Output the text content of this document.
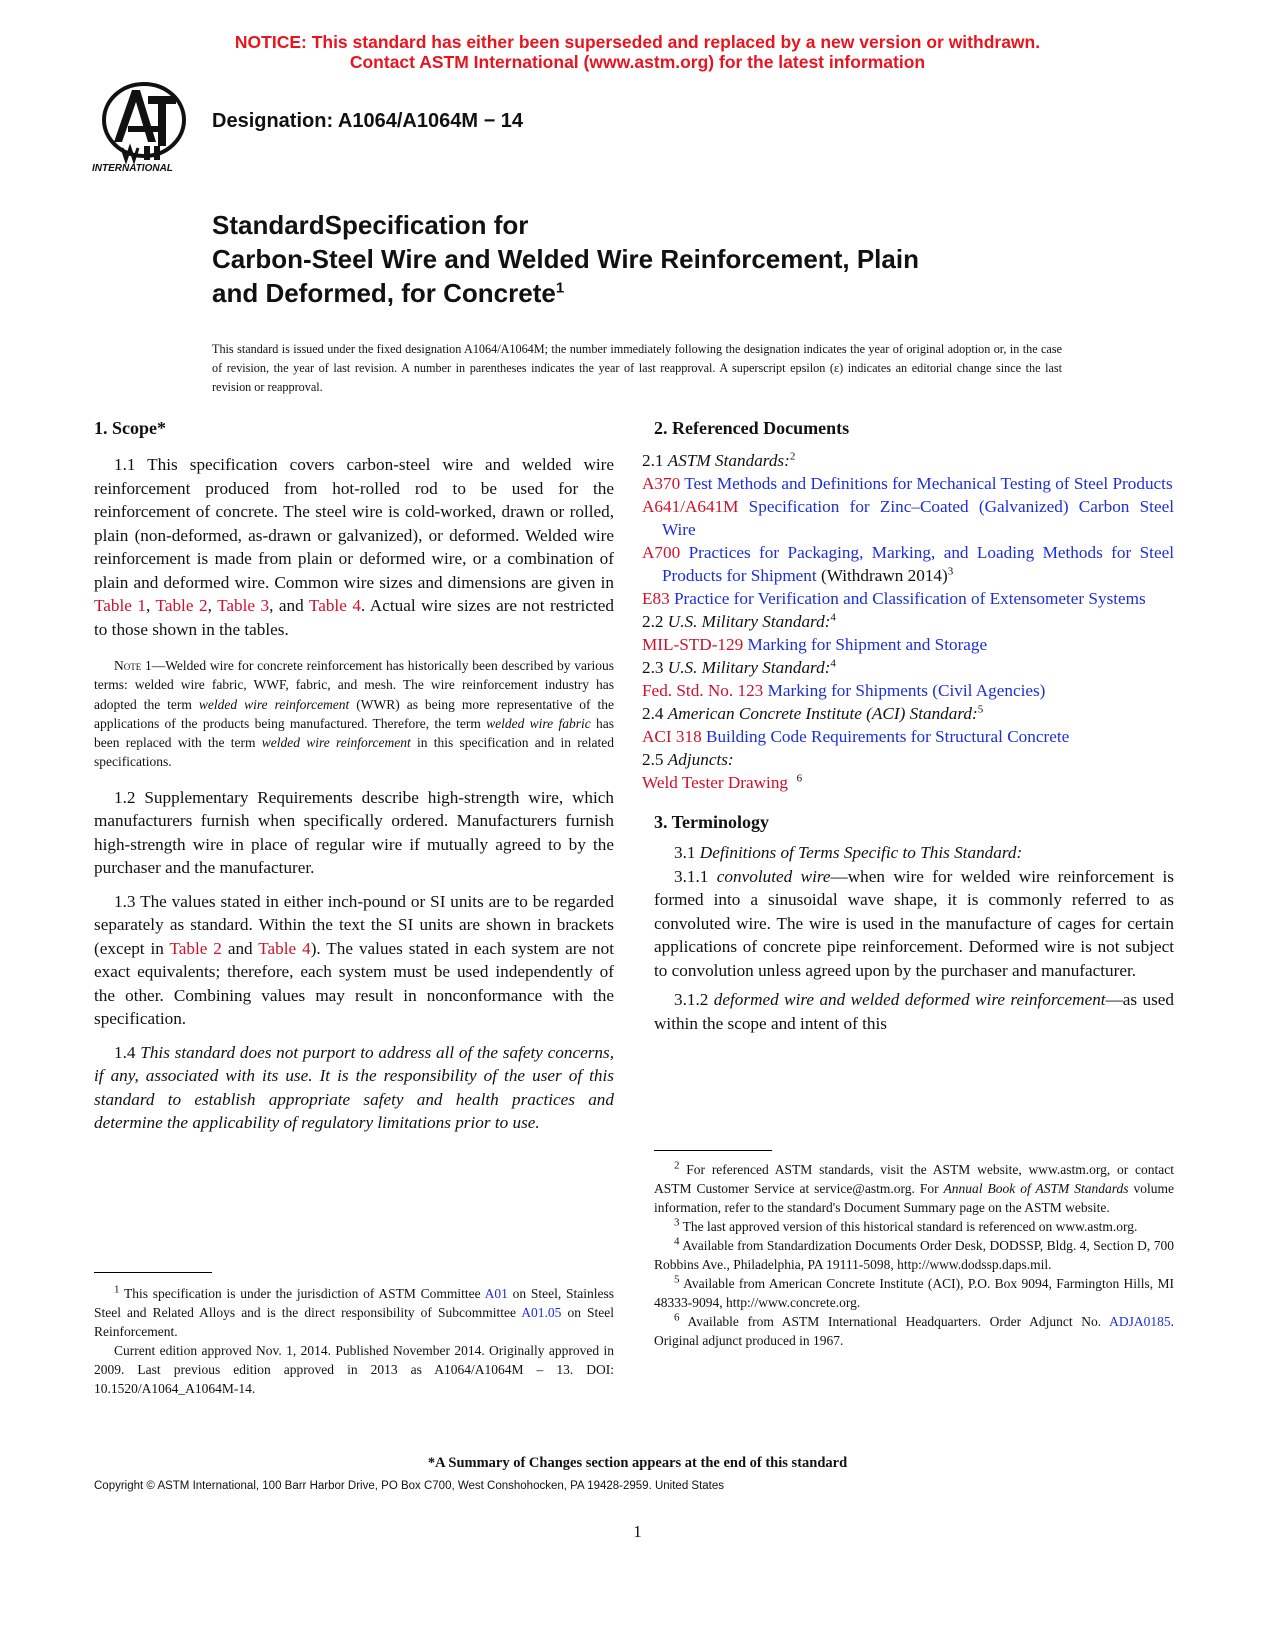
NOTICE: This standard has either been superseded and replaced by a new version or withdrawn.
Contact ASTM International (www.astm.org) for the latest information
INTERNATIONAL
Designation: A1064/A1064M − 14
StandardSpecification for
Carbon-Steel Wire and Welded Wire Reinforcement, Plain
and Deformed, for Concrete$^1$
This standard is issued under the fixed designation A1064/A1064M; the number immediately following the designation indicates the year of original adoption or, in the case of revision, the year of last revision. A number in parentheses indicates the year of last reapproval. A superscript epsilon (ε) indicates an editorial change since the last revision or reapproval.
1. Scope*

1.1 This specification covers carbon-steel wire and welded wire reinforcement produced from hot-rolled rod to be used for the reinforcement of concrete. The steel wire is cold-worked, drawn or rolled, plain (non-deformed, as-drawn or galvanized), or deformed. Welded wire reinforcement is made from plain or deformed wire, or a combination of plain and deformed wire. Common wire sizes and dimensions are given in Table 1, Table 2, Table 3, and Table 4. Actual wire sizes are not restricted to those shown in the tables.

Note 1—Welded wire for concrete reinforcement has historically been described by various terms: welded wire fabric, WWF, fabric, and mesh. The wire reinforcement industry has adopted the term welded wire reinforcement (WWR) as being more representative of the applications of the products being manufactured. Therefore, the term welded wire fabric has been replaced with the term welded wire reinforcement in this specification and in related specifications.

1.2 Supplementary Requirements describe high-strength wire, which manufacturers furnish when specifically ordered. Manufacturers furnish high-strength wire in place of regular wire if mutually agreed to by the purchaser and the manufacturer.

1.3 The values stated in either inch-pound or SI units are to be regarded separately as standard. Within the text the SI units are shown in brackets (except in Table 2 and Table 4). The values stated in each system are not exact equivalents; therefore, each system must be used independently of the other. Combining values may result in nonconformance with the specification.

1.4 This standard does not purport to address all of the safety concerns, if any, associated with its use. It is the responsibility of the user of this standard to establish appropriate safety and health practices and determine the applicability of regulatory limitations prior to use.

$^1$ This specification is under the jurisdiction of ASTM Committee A01 on Steel, Stainless Steel and Related Alloys and is the direct responsibility of Subcommittee A01.05 on Steel Reinforcement.

Current edition approved Nov. 1, 2014. Published November 2014. Originally approved in 2009. Last previous edition approved in 2013 as A1064/A1064M – 13. DOI: 10.1520/A1064_A1064M-14.

2. Referenced Documents

2.1 ASTM Standards:$^2$

A370 Test Methods and Definitions for Mechanical Testing of Steel Products

A641/A641M Specification for Zinc–Coated (Galvanized) Carbon Steel Wire

A700 Practices for Packaging, Marking, and Loading Methods for Steel Products for Shipment (Withdrawn 2014)$^3$

E83 Practice for Verification and Classification of Extensometer Systems

2.2 U.S. Military Standard:$^4$

MIL-STD-129 Marking for Shipment and Storage

2.3 U.S. Military Standard:$^4$

Fed. Std. No. 123 Marking for Shipments (Civil Agencies)

2.4 American Concrete Institute (ACI) Standard:$^5$

ACI 318 Building Code Requirements for Structural Concrete

2.5 Adjuncts:

Weld Tester Drawing $^6$

3. Terminology

3.1 Definitions of Terms Specific to This Standard:

3.1.1 convoluted wire—when wire for welded wire reinforcement is formed into a sinusoidal wave shape, it is commonly referred to as convoluted wire. The wire is used in the manufacture of cages for certain applications of concrete pipe reinforcement. Deformed wire is not subject to convolution unless agreed upon by the purchaser and manufacturer.

3.1.2 deformed wire and welded deformed wire reinforcement—as used within the scope and intent of this

$^2$ For referenced ASTM standards, visit the ASTM website, www.astm.org, or contact ASTM Customer Service at service@astm.org. For Annual Book of ASTM Standards volume information, refer to the standard's Document Summary page on the ASTM website.

$^3$ The last approved version of this historical standard is referenced on www.astm.org.

$^4$ Available from Standardization Documents Order Desk, DODSSP, Bldg. 4, Section D, 700 Robbins Ave., Philadelphia, PA 19111-5098, http://www.dodssp.daps.mil.

$^5$ Available from American Concrete Institute (ACI), P.O. Box 9094, Farmington Hills, MI 48333-9094, http://www.concrete.org.

$^6$ Available from ASTM International Headquarters. Order Adjunct No. ADJA0185. Original adjunct produced in 1967.

*A Summary of Changes section appears at the end of this standard
Copyright © ASTM International, 100 Barr Harbor Drive, PO Box C700, West Conshohocken, PA 19428-2959. United States
1
